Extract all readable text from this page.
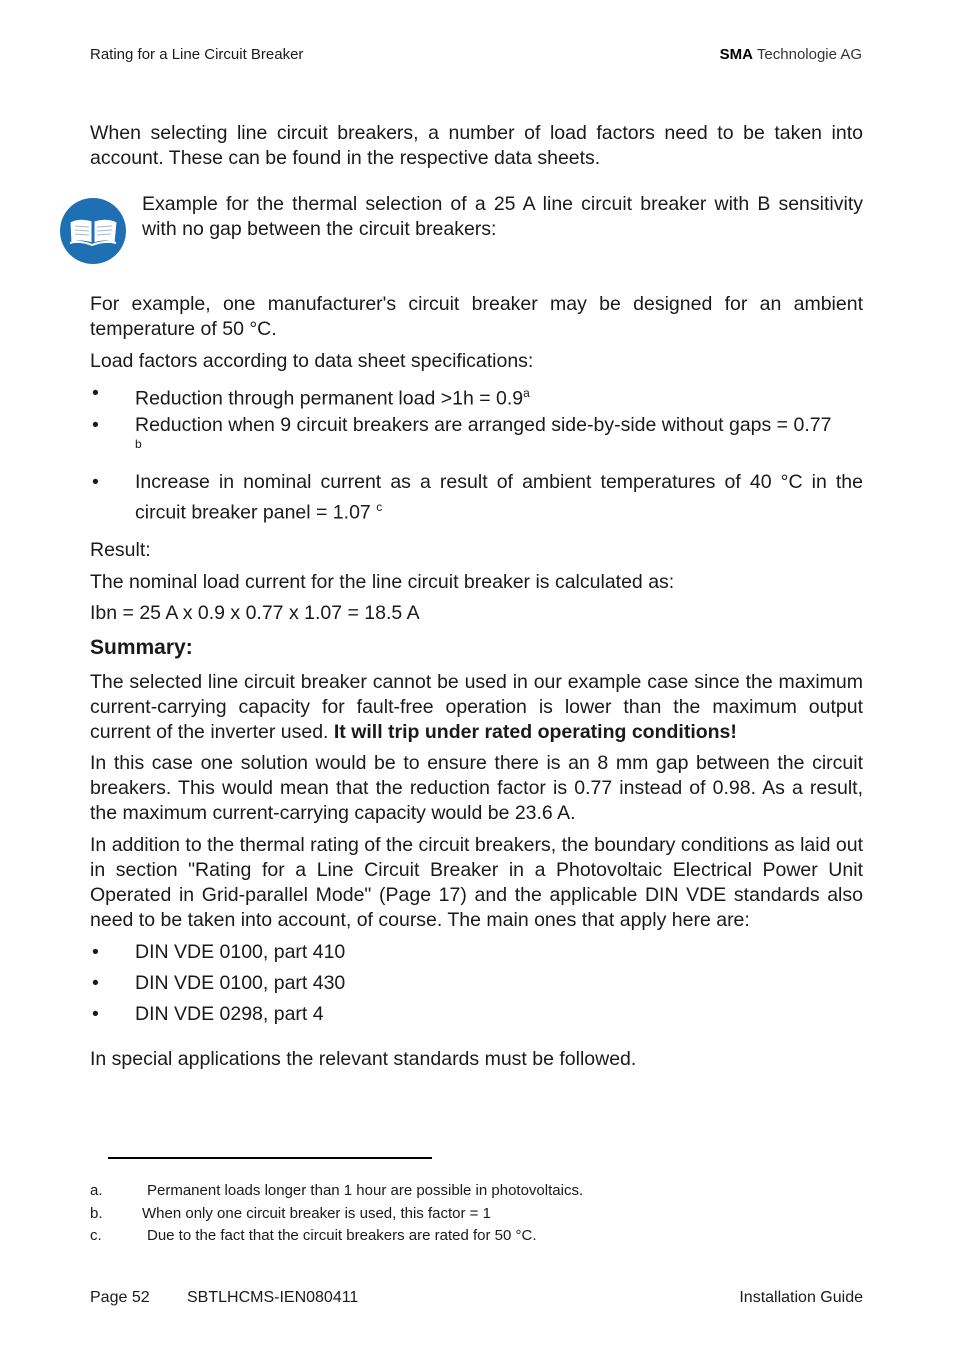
Rating for a Line Circuit Breaker	SMA Technologie AG
When selecting line circuit breakers, a number of load factors need to be taken into account. These can be found in the respective data sheets.
Example for the thermal selection of a 25 A line circuit breaker with B sensitivity with no gap between the circuit breakers:
For example, one manufacturer's circuit breaker may be designed for an ambient temperature of 50 °C.
Load factors according to data sheet specifications:
• Reduction through permanent load >1h = 0.9$^a$
• Reduction when 9 circuit breakers are arranged side-by-side without gaps = 0.77
$^b$
• Increase in nominal current as a result of ambient temperatures of 40 °C in the circuit breaker panel = 1.07 $^c$
Result:
The nominal load current for the line circuit breaker is calculated as:
Ibn = 25 A x 0.9 x 0.77 x 1.07 = 18.5 A
Summary:
The selected line circuit breaker cannot be used in our example case since the maximum current-carrying capacity for fault-free operation is lower than the maximum output current of the inverter used. It will trip under rated operating conditions!
In this case one solution would be to ensure there is an 8 mm gap between the circuit breakers. This would mean that the reduction factor is 0.77 instead of 0.98. As a result, the maximum current-carrying capacity would be 23.6 A.
In addition to the thermal rating of the circuit breakers, the boundary conditions as laid out in section "Rating for a Line Circuit Breaker in a Photovoltaic Electrical Power Unit Operated in Grid-parallel Mode" (Page 17) and the applicable DIN VDE standards also need to be taken into account, of course. The main ones that apply here are:
• DIN VDE 0100, part 410
• DIN VDE 0100, part 430
• DIN VDE 0298, part 4
In special applications the relevant standards must be followed.
a.	Permanent loads longer than 1 hour are possible in photovoltaics.
b.	When only one circuit breaker is used, this factor = 1
c.	Due to the fact that the circuit breakers are rated for 50 °C.
Page 52 SBTLHCMS-IEN080411	Installation Guide
